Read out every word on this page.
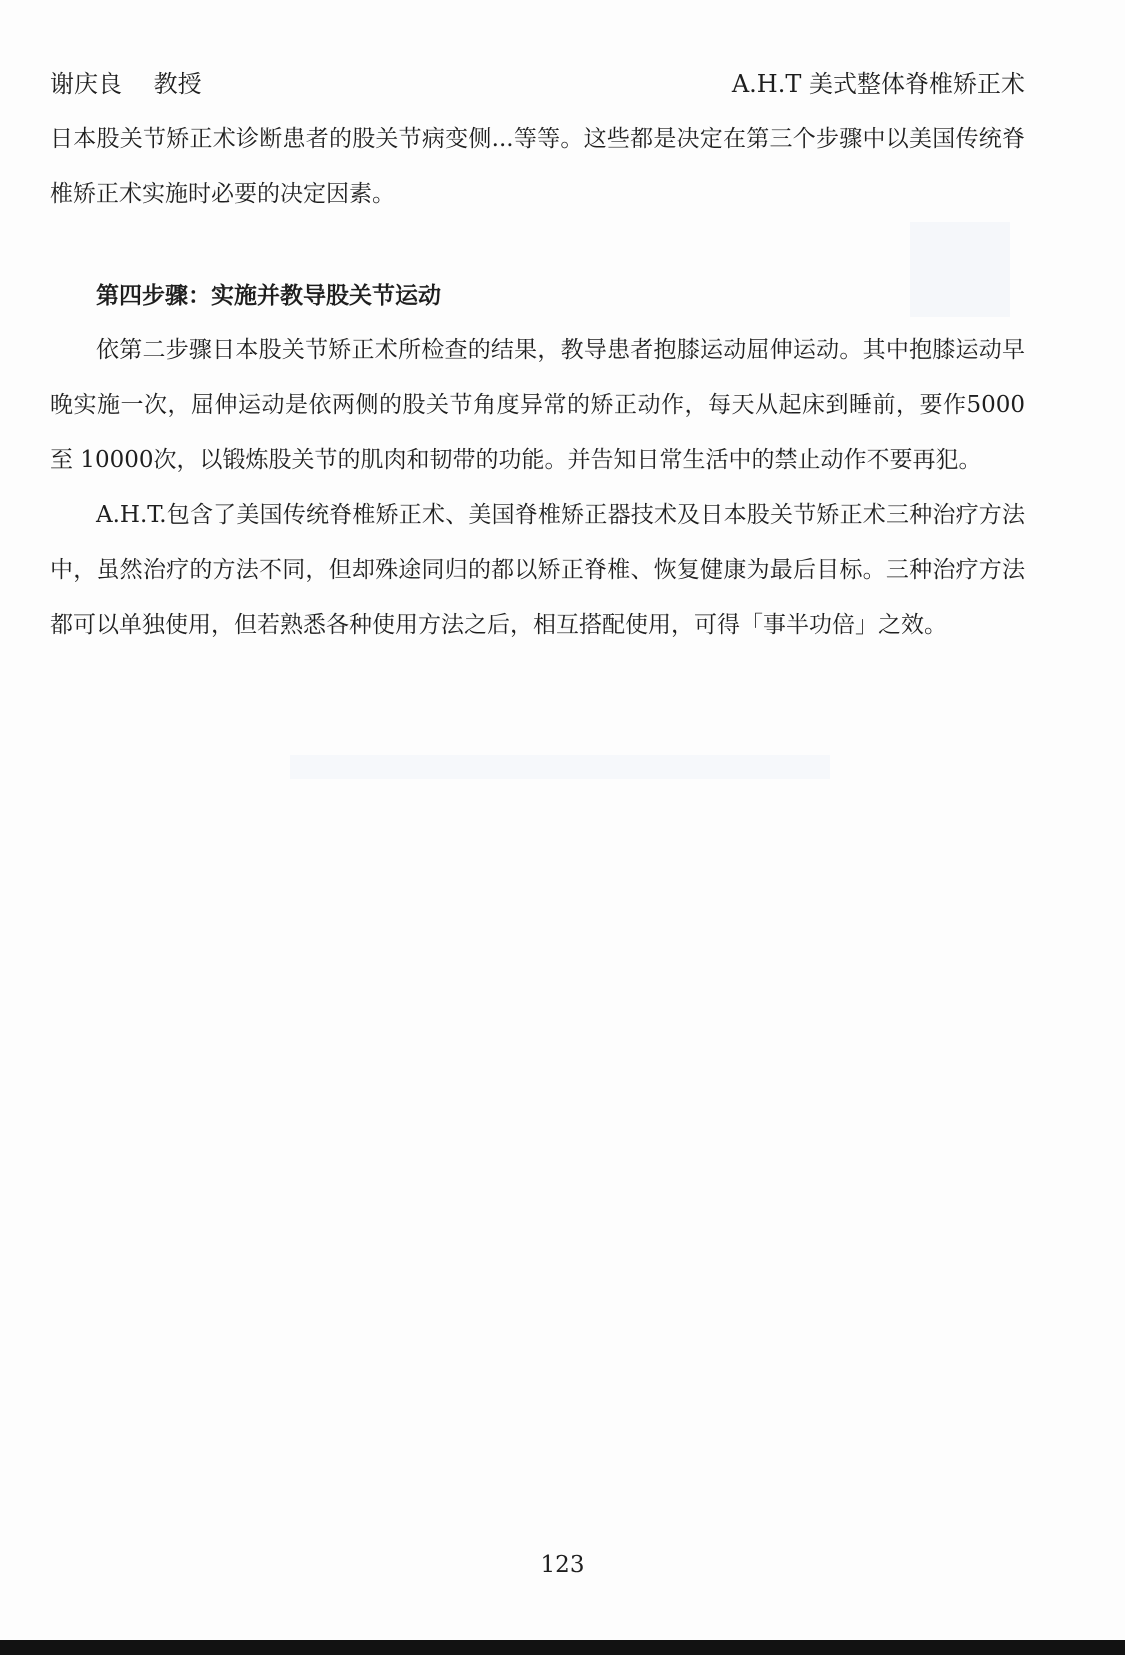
谢庆良　 教授	A.H.T 美式整体脊椎矫正术

日本股关节矫正术诊断患者的股关节病变侧...等等。这些都是决定在第三个步骤中以美国传统脊椎矫正术实施时必要的决定因素。

第四步骤：实施并教导股关节运动

依第二步骤日本股关节矫正术所检查的结果，教导患者抱膝运动屈伸运动。其中抱膝运动早晚实施一次，屈伸运动是依两侧的股关节角度异常的矫正动作，每天从起床到睡前，要作5000至 10000次，以锻炼股关节的肌肉和韧带的功能。并告知日常生活中的禁止动作不要再犯。

A.H.T.包含了美国传统脊椎矫正术、美国脊椎矫正器技术及日本股关节矫正术三种治疗方法中，虽然治疗的方法不同，但却殊途同归的都以矫正脊椎、恢复健康为最后目标。三种治疗方法都可以单独使用，但若熟悉各种使用方法之后，相互搭配使用，可得「事半功倍」之效。

123
